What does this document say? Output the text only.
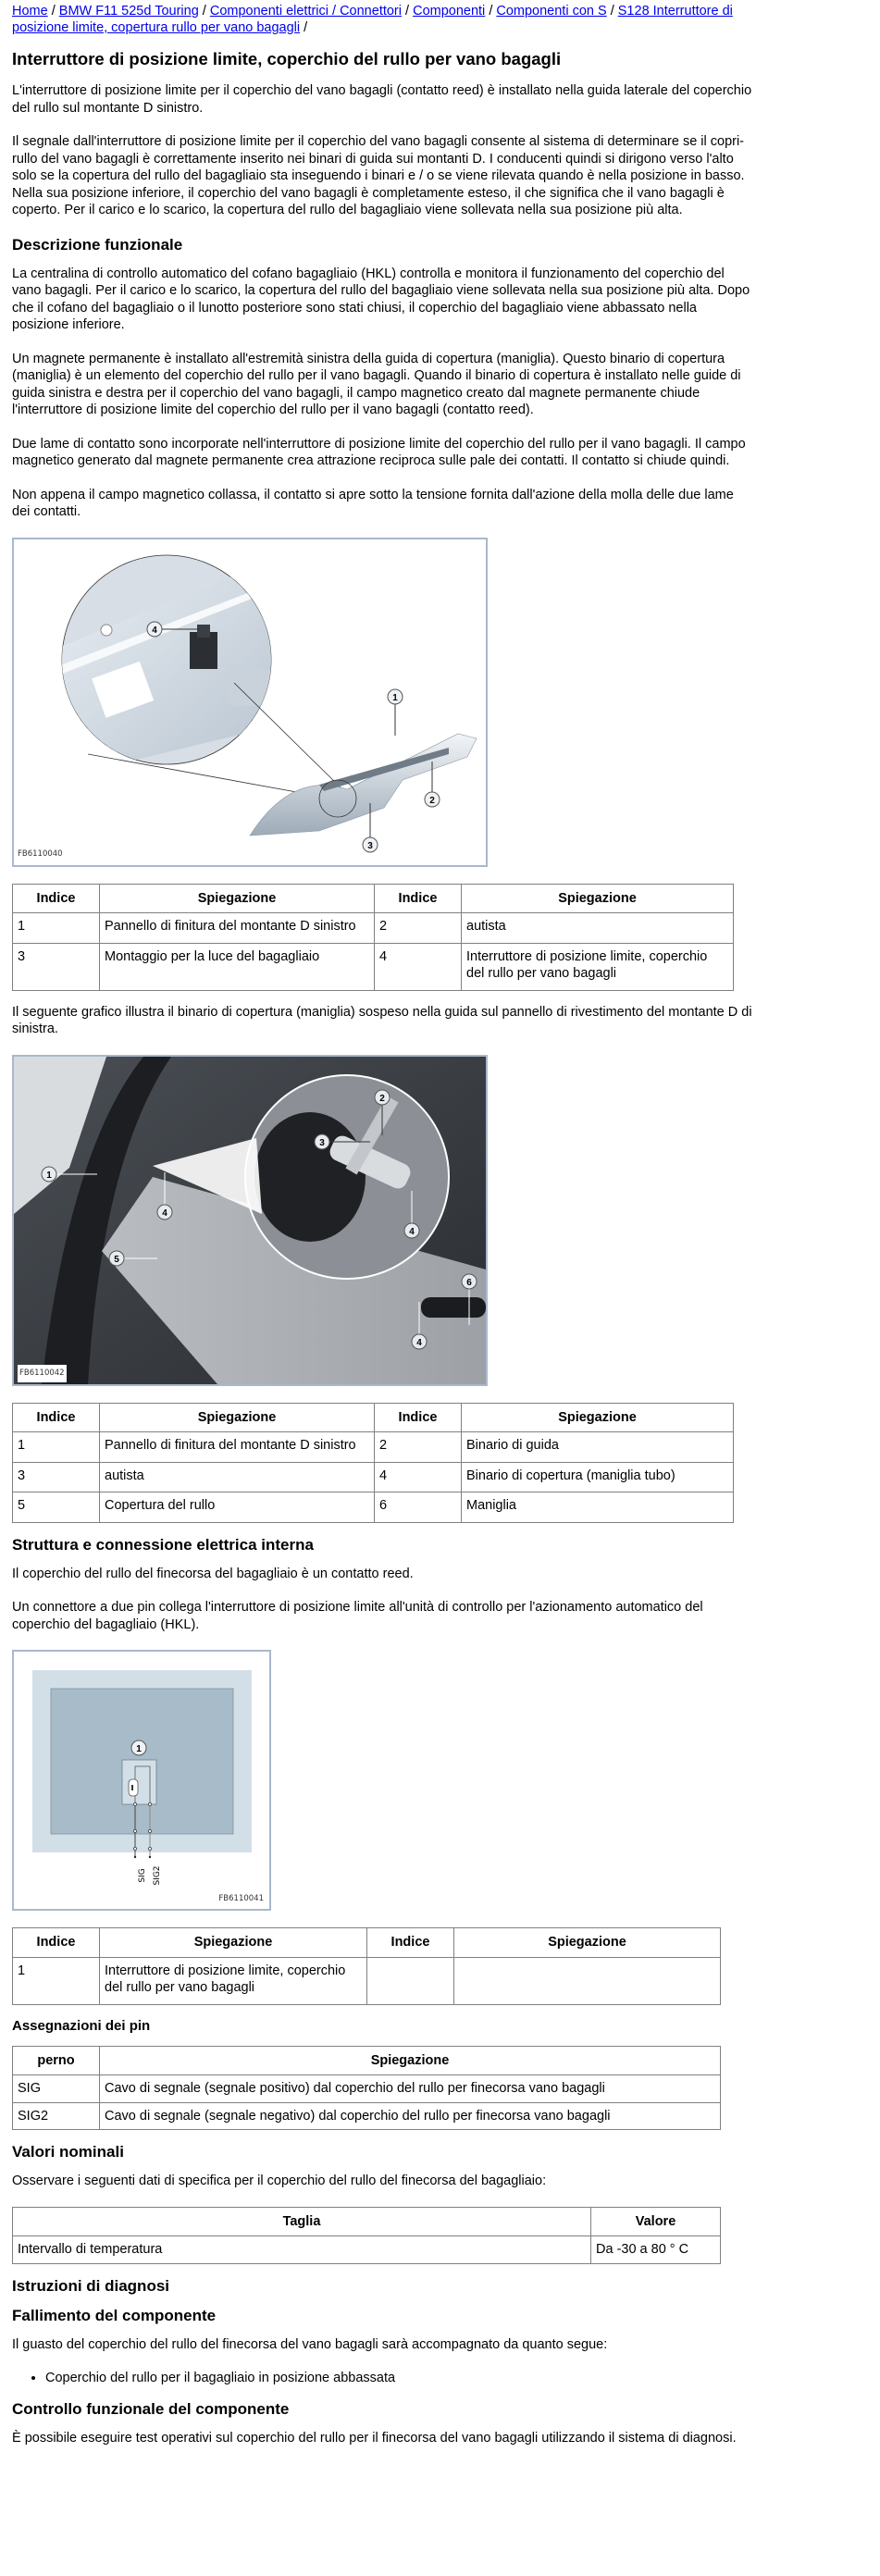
Home / BMW F11 525d Touring / Componenti elettrici / Connettori / Componenti / Componenti con S / S128 Interruttore di posizione limite, copertura rullo per vano bagagli /
Interruttore di posizione limite, coperchio del rullo per vano bagagli

L'interruttore di posizione limite per il coperchio del vano bagagli (contatto reed) è installato nella guida laterale del coperchio del rullo sul montante D sinistro.

Il segnale dall'interruttore di posizione limite per il coperchio del vano bagagli consente al sistema di determinare se il copri-rullo del vano bagagli è correttamente inserito nei binari di guida sui montanti D. I conducenti quindi si dirigono verso l'alto solo se la copertura del rullo del bagagliaio sta inseguendo i binari e / o se viene rilevata quando è nella posizione in basso. Nella sua posizione inferiore, il coperchio del vano bagagli è completamente esteso, il che significa che il vano bagagli è coperto. Per il carico e lo scarico, la copertura del rullo del bagagliaio viene sollevata nella sua posizione più alta.

Descrizione funzionale

La centralina di controllo automatico del cofano bagagliaio (HKL) controlla e monitora il funzionamento del coperchio del vano bagagli. Per il carico e lo scarico, la copertura del rullo del bagagliaio viene sollevata nella sua posizione più alta. Dopo che il cofano del bagagliaio o il lunotto posteriore sono stati chiusi, il coperchio del bagagliaio viene abbassato nella posizione inferiore.

Un magnete permanente è installato all'estremità sinistra della guida di copertura (maniglia). Questo binario di copertura (maniglia) è un elemento del coperchio del rullo per il vano bagagli. Quando il binario di copertura è installato nelle guide di guida sinistra e destra per il coperchio del vano bagagli, il campo magnetico creato dal magnete permanente chiude l'interruttore di posizione limite del coperchio del rullo per il vano bagagli (contatto reed).

Due lame di contatto sono incorporate nell'interruttore di posizione limite del coperchio del rullo per il vano bagagli. Il campo magnetico generato dal magnete permanente crea attrazione reciproca sulle pale dei contatti. Il contatto si chiude quindi.

Non appena il campo magnetico collassa, il contatto si apre sotto la tensione fornita dall'azione della molla delle due lame dei contatti.

1
2
3
4
FB6110040
Indice	Spiegazione	Indice	Spiegazione
1	Pannello di finitura del montante D sinistro	2	autista
3	Montaggio per la luce del bagagliaio	4	Interruttore di posizione limite, coperchio del rullo per vano bagagli

Il seguente grafico illustra il binario di copertura (maniglia) sospeso nella guida sul pannello di rivestimento del montante D di sinistra.

1
2
3
4
4
4
5
6
FB6110042
Indice	Spiegazione	Indice	Spiegazione
1	Pannello di finitura del montante D sinistro	2	Binario di guida
3	autista	4	Binario di copertura (maniglia tubo)
5	Copertura del rullo	6	Maniglia
Struttura e connessione elettrica interna

Il coperchio del rullo del finecorsa del bagagliaio è un contatto reed.

Un connettore a due pin collega l'interruttore di posizione limite all'unità di controllo per l'azionamento automatico del coperchio del bagagliaio (HKL).

1
SIG SIG2
FB6110041
Indice	Spiegazione	Indice	Spiegazione
1	Interruttore di posizione limite, coperchio del rullo per vano bagagli		
Assegnazioni dei pin
perno	Spiegazione
SIG	Cavo di segnale (segnale positivo) dal coperchio del rullo per finecorsa vano bagagli
SIG2	Cavo di segnale (segnale negativo) dal coperchio del rullo per finecorsa vano bagagli
Valori nominali

Osservare i seguenti dati di specifica per il coperchio del rullo del finecorsa del bagagliaio:

Taglia	Valore
Intervallo di temperatura	Da -30 a 80 ° C
Istruzioni di diagnosi
Fallimento del componente

Il guasto del coperchio del rullo del finecorsa del vano bagagli sarà accompagnato da quanto segue:

• Coperchio del rullo per il bagagliaio in posizione abbassata
Controllo funzionale del componente

È possibile eseguire test operativi sul coperchio del rullo per il finecorsa del vano bagagli utilizzando il sistema di diagnosi.
